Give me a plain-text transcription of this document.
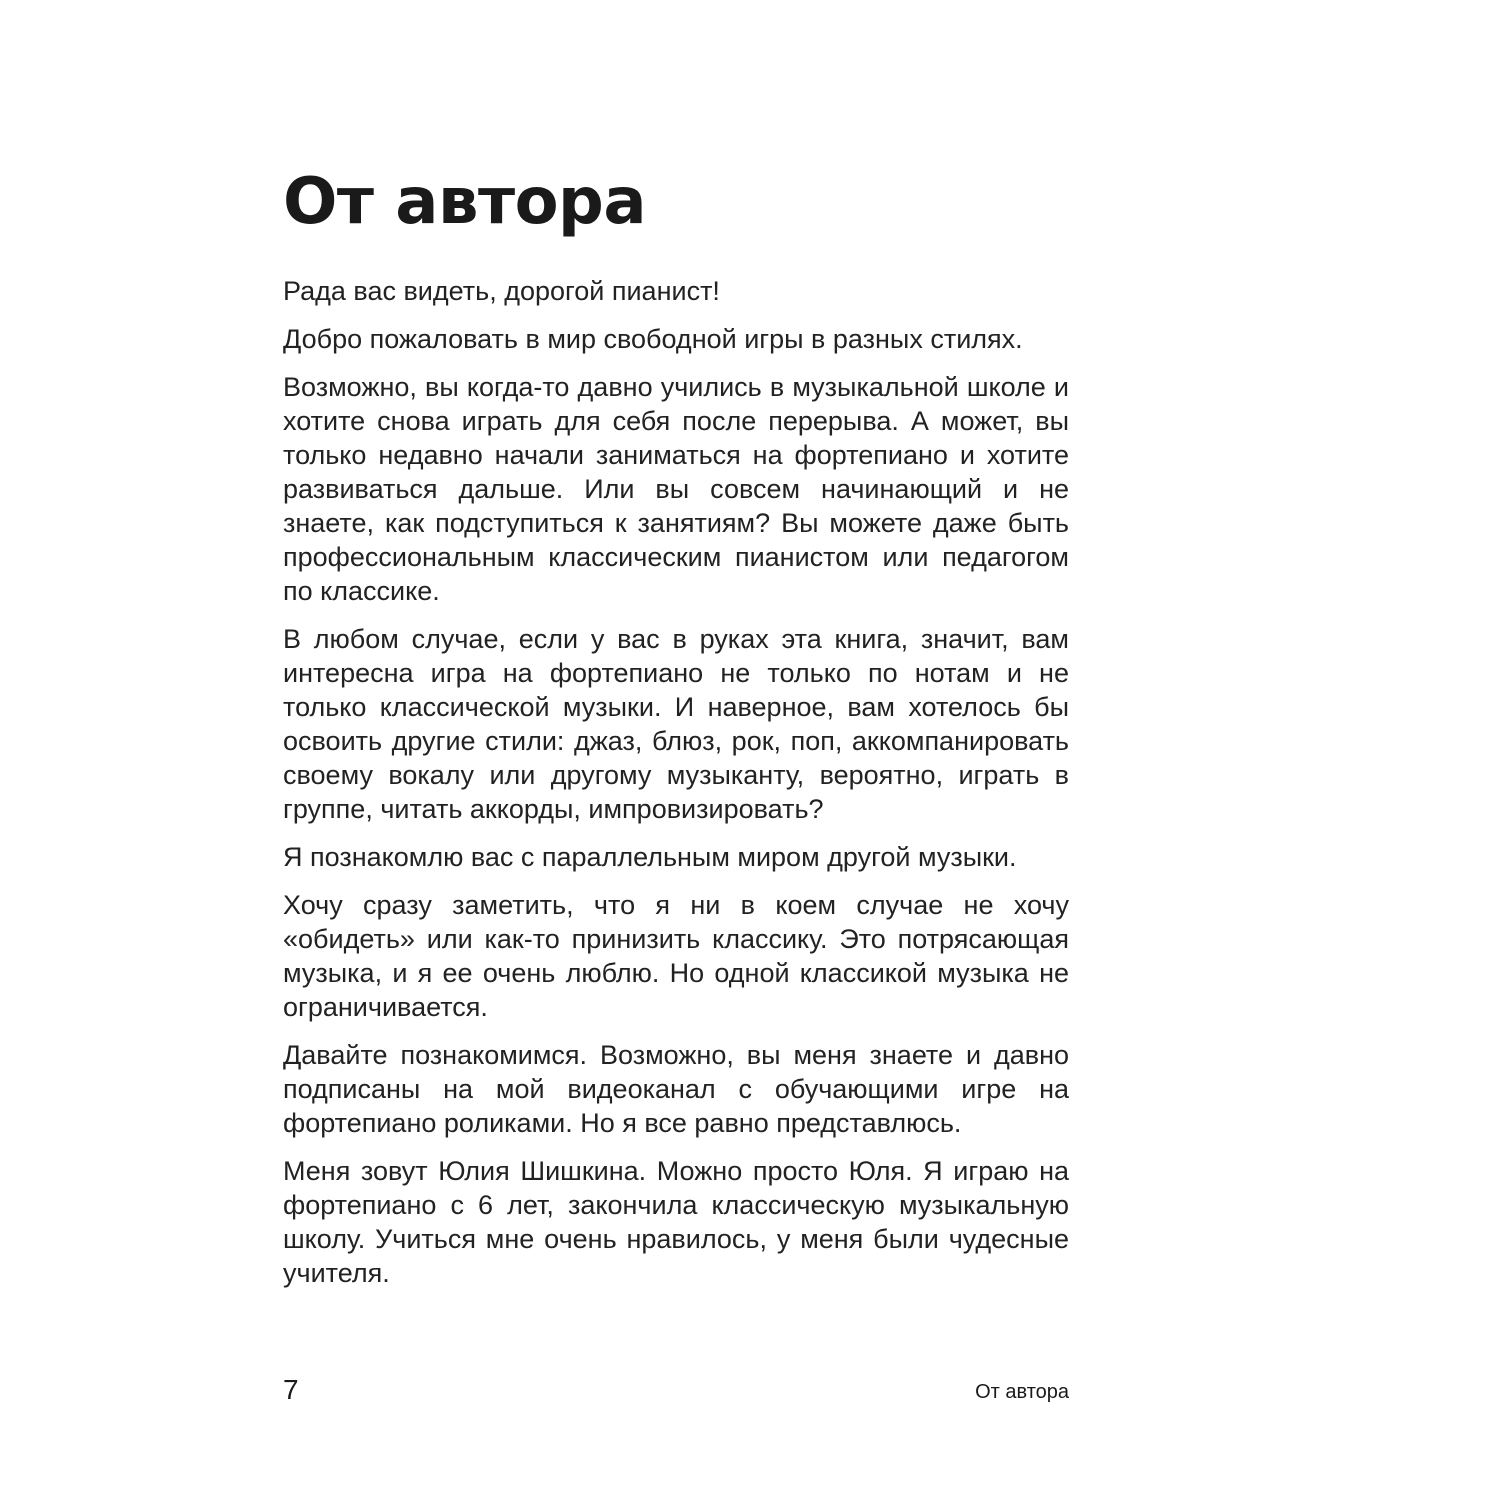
От автора

Рада вас видеть, дорогой пианист!

Добро пожаловать в мир свободной игры в разных стилях.

Возможно, вы когда-то давно учились в музыкальной школе и хотите снова играть для себя после перерыва. А может, вы только недавно начали заниматься на фортепиано и хотите развиваться дальше. Или вы совсем начинающий и не знаете, как подступиться к занятиям? Вы можете даже быть профессиональным классическим пианистом или педагогом по классике.

В любом случае, если у вас в руках эта книга, значит, вам интересна игра на фортепиано не только по нотам и не только классической музыки. И наверное, вам хотелось бы освоить другие стили: джаз, блюз, рок, поп, аккомпанировать своему вокалу или другому музыканту, вероятно, играть в группе, читать аккорды, импровизировать?

Я познакомлю вас с параллельным миром другой музыки.

Хочу сразу заметить, что я ни в коем случае не хочу «обидеть» или как-то принизить классику. Это потрясающая музыка, и я ее очень люблю. Но одной классикой музыка не ограничивается.

Давайте познакомимся. Возможно, вы меня знаете и давно подписаны на мой видеоканал с обучающими игре на фортепиано роликами. Но я все равно представлюсь.

Меня зовут Юлия Шишкина. Можно просто Юля. Я играю на фортепиано с 6 лет, закончила классическую музыкальную школу. Учиться мне очень нравилось, у меня были чудесные учителя.

7	От автора
